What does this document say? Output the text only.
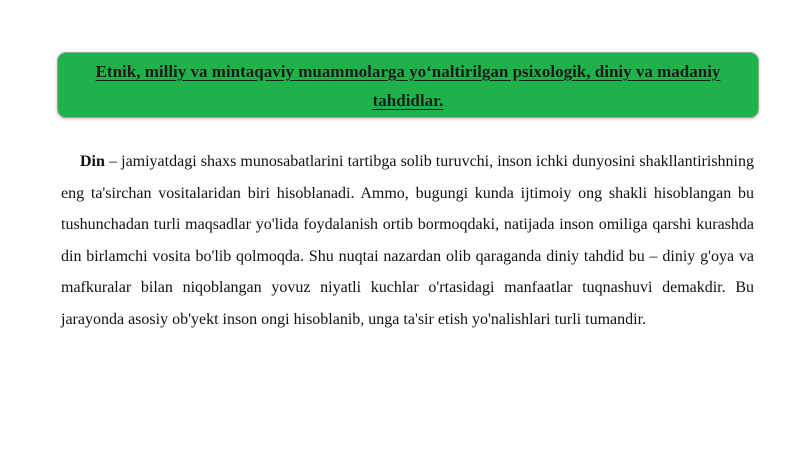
Etnik, milliy va mintaqaviy muammolarga yo‘naltirilgan psixologik, diniy va madaniy tahdidlar.

Din – jamiyatdagi shaxs munosabatlarini tartibga solib turuvchi, inson ichki dunyosini shakllantirishning eng ta'sirchan vositalaridan biri hisoblanadi. Ammo, bugungi kunda ijtimoiy ong shakli hisoblangan bu tushunchadan turli maqsadlar yo'lida foydalanish ortib bormoqdaki, natijada inson omiliga qarshi kurashda din birlamchi vosita bo'lib qolmoqda. Shu nuqtai nazardan olib qaraganda diniy tahdid bu – diniy g'oya va mafkuralar bilan niqoblangan yovuz niyatli kuchlar o'rtasidagi manfaatlar tuqnashuvi demakdir. Bu jarayonda asosiy ob'yekt inson ongi hisoblanib, unga ta'sir etish yo'nalishlari turli tumandir.
